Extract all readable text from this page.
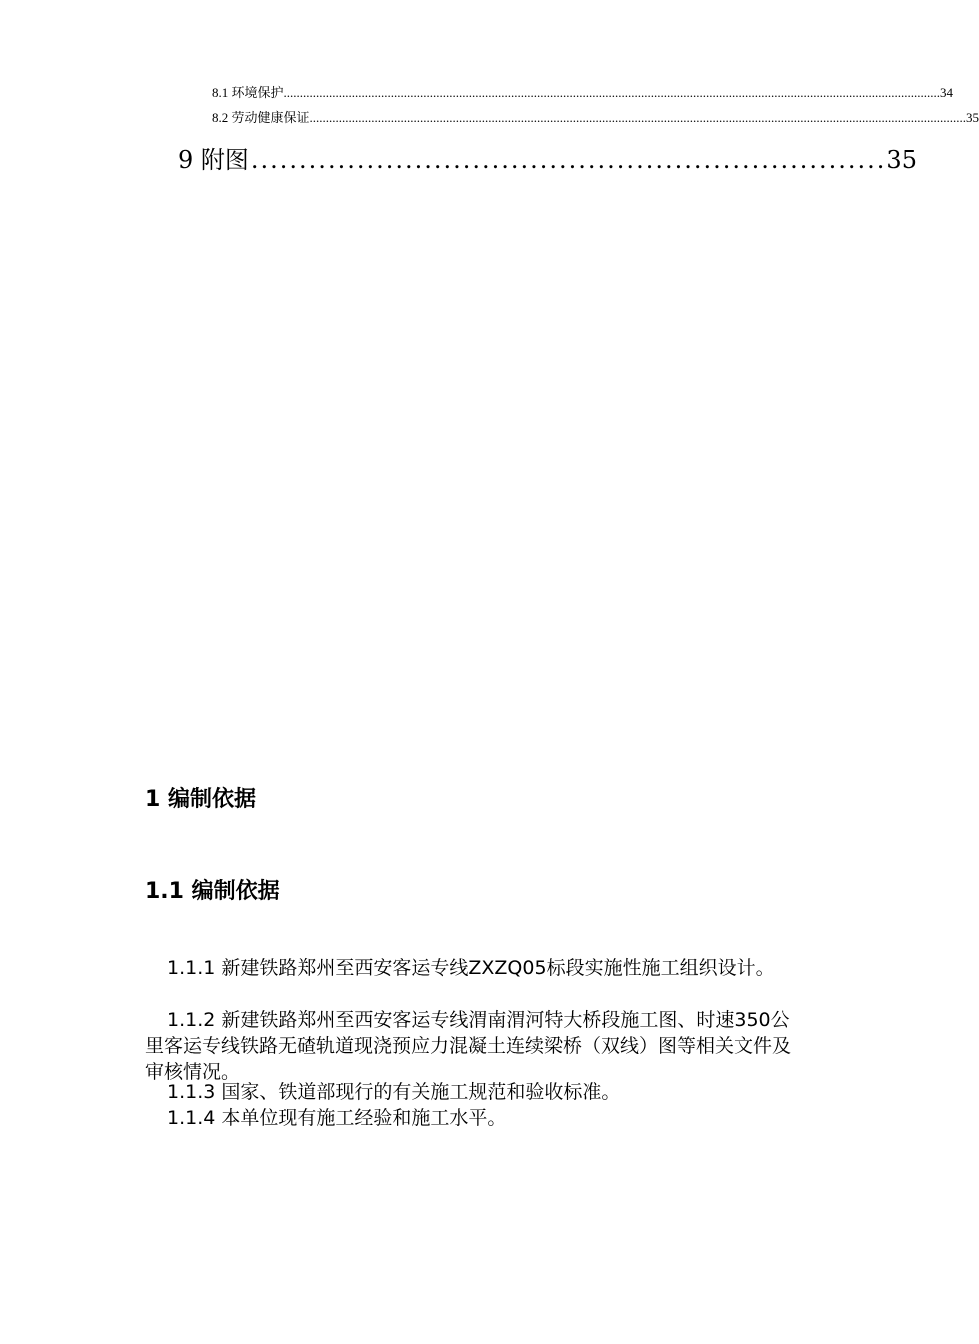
8.1 环境保护 .......................................................................................................................................................................................................... 34
8.2 劳动健康保证 .......................................................................................................................................................................................................... 35
9 附图 .................................................................. 35
1 编制依据
1.1 编制依据

1.1.1 新建铁路郑州至西安客运专线ZXZQ05标段实施性施工组织设计。

1.1.2 新建铁路郑州至西安客运专线渭南渭河特大桥段施工图、时速350公里客运专线铁路无碴轨道现浇预应力混凝土连续梁桥（双线）图等相关文件及审核情况。

1.1.3 国家、铁道部现行的有关施工规范和验收标准。

1.1.4 本单位现有施工经验和施工水平。
